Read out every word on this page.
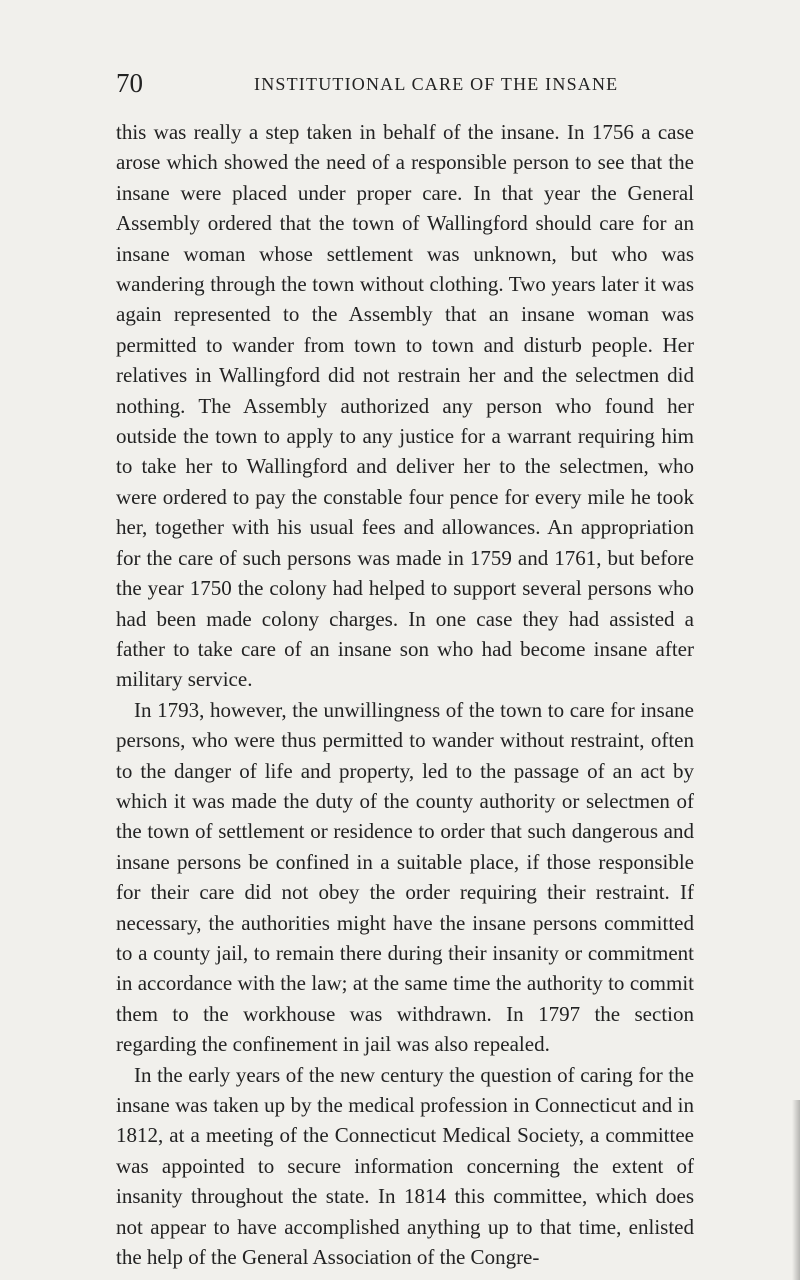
70	INSTITUTIONAL CARE OF THE INSANE

this was really a step taken in behalf of the insane. In 1756 a case arose which showed the need of a responsible person to see that the insane were placed under proper care. In that year the General Assembly ordered that the town of Wallingford should care for an insane woman whose settlement was unknown, but who was wandering through the town without clothing. Two years later it was again represented to the Assembly that an insane woman was permitted to wander from town to town and disturb people. Her relatives in Wallingford did not restrain her and the selectmen did nothing. The Assembly authorized any person who found her outside the town to apply to any justice for a warrant requiring him to take her to Wallingford and deliver her to the selectmen, who were ordered to pay the constable four pence for every mile he took her, together with his usual fees and allowances. An appropriation for the care of such persons was made in 1759 and 1761, but before the year 1750 the colony had helped to support several persons who had been made colony charges. In one case they had assisted a father to take care of an insane son who had become insane after military service.

In 1793, however, the unwillingness of the town to care for insane persons, who were thus permitted to wander without restraint, often to the danger of life and property, led to the passage of an act by which it was made the duty of the county authority or selectmen of the town of settlement or residence to order that such dangerous and insane persons be confined in a suitable place, if those responsible for their care did not obey the order requiring their restraint. If necessary, the authorities might have the insane persons committed to a county jail, to remain there during their insanity or commitment in accordance with the law; at the same time the authority to commit them to the workhouse was withdrawn. In 1797 the section regarding the confinement in jail was also repealed.

In the early years of the new century the question of caring for the insane was taken up by the medical profession in Connecticut and in 1812, at a meeting of the Connecticut Medical Society, a committee was appointed to secure information concerning the extent of insanity throughout the state. In 1814 this committee, which does not appear to have accomplished anything up to that time, enlisted the help of the General Association of the Congre-
